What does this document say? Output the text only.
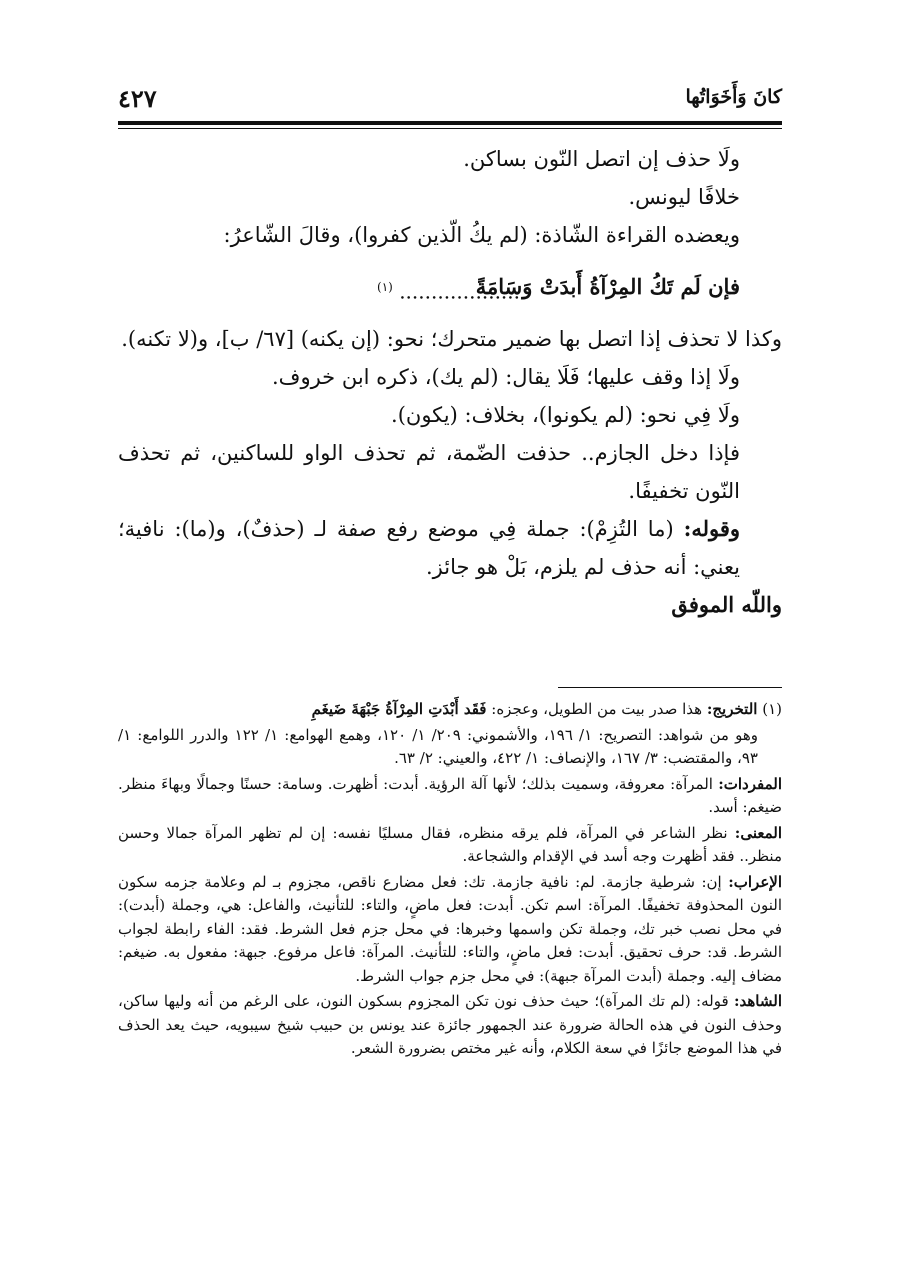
كانَ وَأَخَوَاتُها
٤٢٧

ولَا حذف إن اتصل النّون بساكن.

خلافًا ليونس.

ويعضده القراءة الشّاذة: (لم يكُ الّذين كفروا)، وقالَ الشّاعرُ:

فإن لَم تَكُ المِرْآةُ أَبدَتْ وَسَامَةً
................... $^{(١)}$

وكذا لا تحذف إذا اتصل بها ضمير متحرك؛ نحو: (إن يكنه) [٦٧/ ب]، و(لا تكنه).

ولَا إذا وقف عليها؛ فَلَا يقال: (لم يك)، ذكره ابن خروف.

ولَا فِي نحو: (لم يكونوا)، بخلاف: (يكون).

فإذا دخل الجازم.. حذفت الضّمة، ثم تحذف الواو للساكنين، ثم تحذف النّون تخفيفًا.

وقوله: (ما التُزِمْ): جملة فِي موضع رفع صفة لـ (حذفٌ)، و(ما): نافية؛ يعني: أنه حذف لم يلزم، بَلْ هو جائز.

واللّه الموفق

(١) التخريج: هذا صدر بيت من الطويل، وعجزه: فَقَد أَبْدَتِ المِرْآةُ جَبْهَةَ ضَيغَمِ

وهو من شواهد: التصريح: ١/ ١٩٦، والأشموني: ٢٠٩/ ١/ ١٢٠، وهمع الهوامع: ١/ ١٢٢ والدرر اللوامع: ١/ ٩٣، والمقتضب: ٣/ ١٦٧، والإنصاف: ١/ ٤٢٢، والعيني: ٢/ ٦٣.

المفردات: المرآة: معروفة، وسميت بذلك؛ لأنها آلة الرؤية. أبدت: أظهرت. وسامة: حسنًا وجمالًا وبهاءَ منظر. ضيغم: أسد.

المعنى: نظر الشاعر في المرآة، فلم يرقه منظره، فقال مسليًا نفسه: إن لم تظهر المرآة جمالا وحسن منظر.. فقد أظهرت وجه أسد في الإقدام والشجاعة.

الإعراب: إن: شرطية جازمة. لم: نافية جازمة. تك: فعل مضارع ناقص، مجزوم بـ لم وعلامة جزمه سكون النون المحذوفة تخفيفًا. المرآة: اسم تكن. أبدت: فعل ماضٍ، والتاء: للتأنيث، والفاعل: هي، وجملة (أبدت): في محل نصب خبر تك، وجملة تكن واسمها وخبرها: في محل جزم فعل الشرط. فقد: الفاء رابطة لجواب الشرط. قد: حرف تحقيق. أبدت: فعل ماضٍ، والتاء: للتأنيث. المرآة: فاعل مرفوع. جبهة: مفعول به. ضيغم: مضاف إليه. وجملة (أبدت المرآة جبهة): في محل جزم جواب الشرط.

الشاهد: قوله: (لم تك المرآة)؛ حيث حذف نون تكن المجزوم بسكون النون، على الرغم من أنه وليها ساكن، وحذف النون في هذه الحالة ضرورة عند الجمهور جائزة عند يونس بن حبيب شيخ سيبويه، حيث يعد الحذف في هذا الموضع جائزًا في سعة الكلام، وأنه غير مختص بضرورة الشعر.
